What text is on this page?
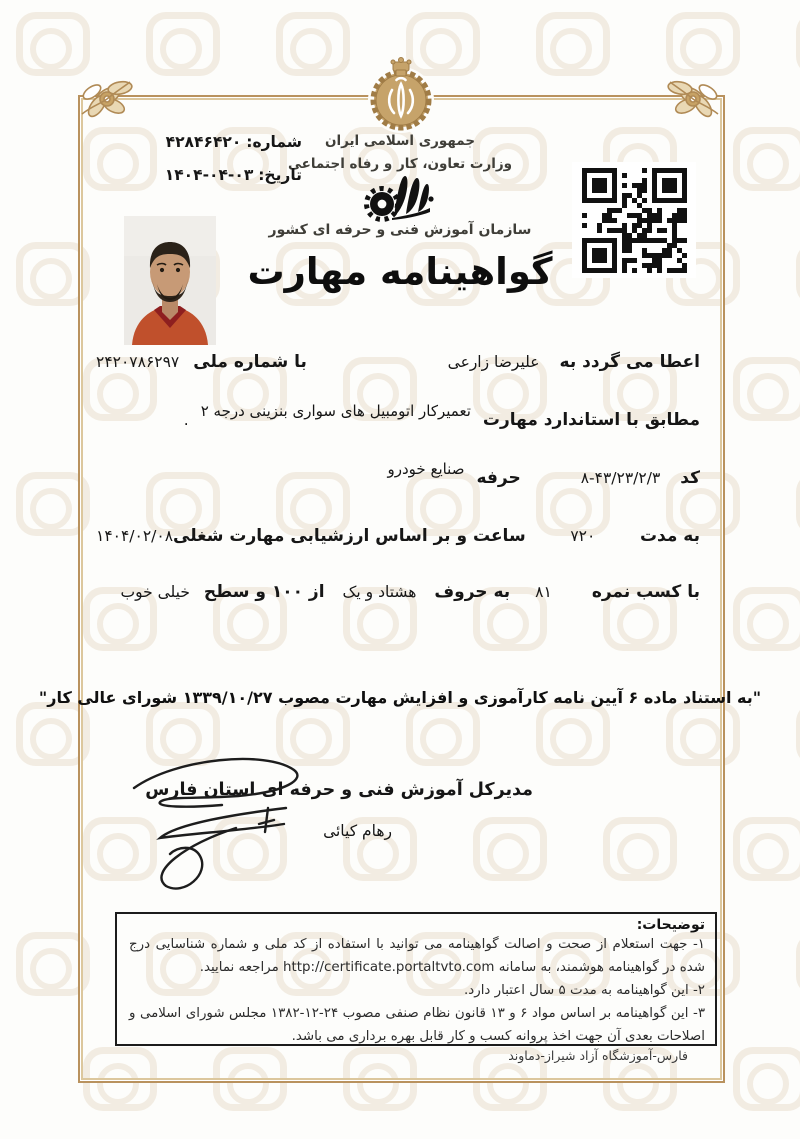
جمهوری اسلامی ایران
وزارت تعاون، کار و رفاه اجتماعی
سازمان آموزش فنی و حرفه ای کشور
شماره: ۴۲۸۴۶۴۲۰
تاریخ: ۱۴۰۴-۰۴-۰۳
گواهینامه مهارت
اعطا می گردد به
علیرضا زارعی
با شماره ملی
۲۴۲۰۷۸۶۲۹۷
مطابق با استاندارد مهارت
تعمیرکار اتومبیل های سواری بنزینی درجه ۲
.
کد
۸-۴۳/۲۳/۲/۳
حرفه
صنایع خودرو
به مدت
۷۲۰
ساعت و بر اساس ارزشیابی مهارت شغلی
۱۴۰۴/۰۲/۰۸
با کسب نمره
۸۱
به حروف
هشتاد و یک
از ۱۰۰ و سطح
خیلی خوب
"به استناد ماده ۶ آیین نامه کارآموزی و افزایش مهارت مصوب ۱۳۳۹/۱۰/۲۷ شورای عالی کار"
مدیرکل آموزش فنی و حرفه ای استان فارس
رهام کیائی
توضیحات:
۱- جهت استعلام از صحت و اصالت گواهینامه می توانید با استفاده از کد ملی و شماره شناسایی درج شده در گواهینامه هوشمند، به سامانه http://certificate.portaltvto.com مراجعه نمایید.
۲- این گواهینامه به مدت ۵ سال اعتبار دارد.
۳- این گواهینامه بر اساس مواد ۶ و ۱۳ قانون نظام صنفی مصوب ۲۴-۱۲-۱۳۸۲ مجلس شورای اسلامی و اصلاحات بعدی آن جهت اخذ پروانه کسب و کار قابل بهره برداری می باشد.
فارس-آموزشگاه آزاد شیراز-دماوند
